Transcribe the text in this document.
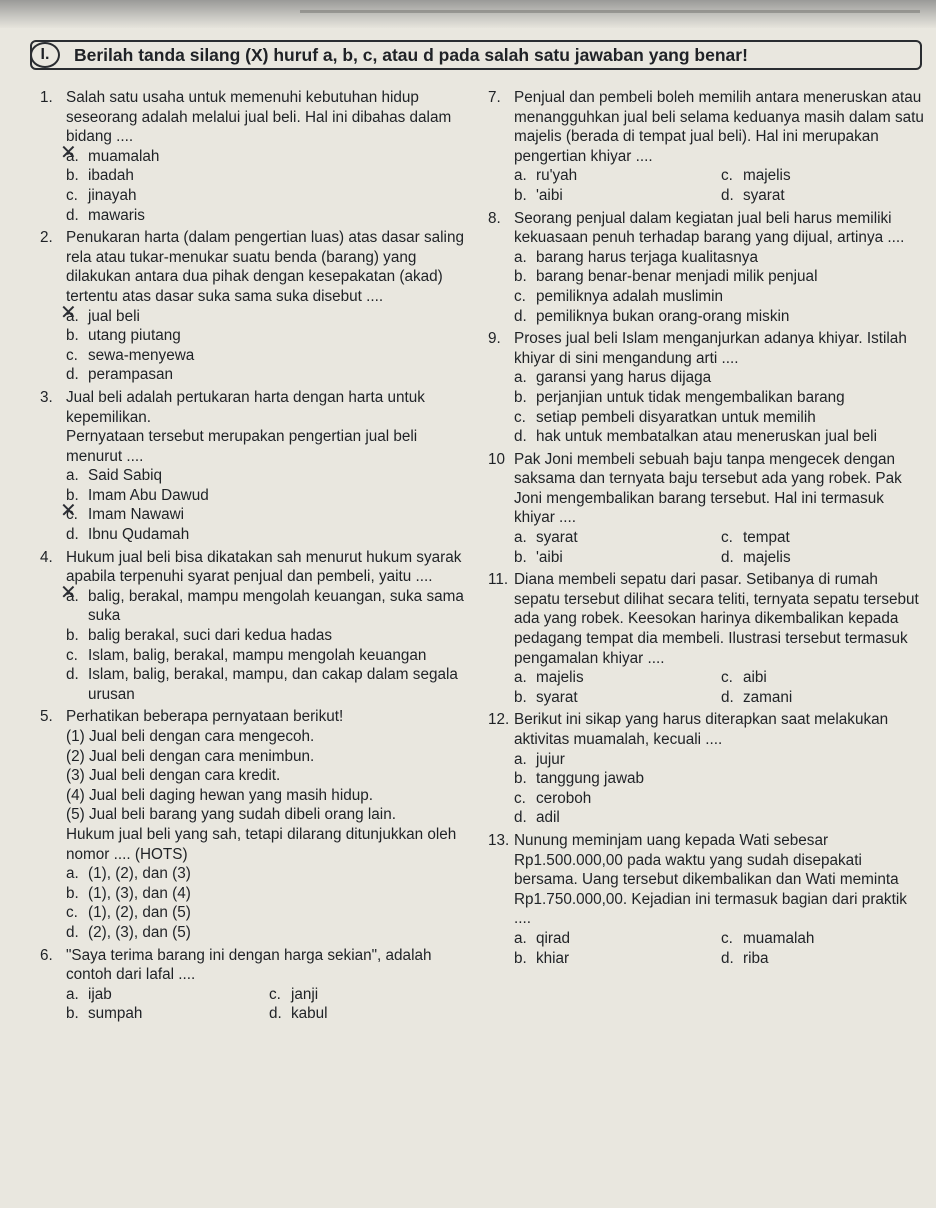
I.	Berilah tanda silang (X) huruf a, b, c, atau d pada salah satu jawaban yang benar!
1. Salah satu usaha untuk memenuhi kebutuhan hidup seseorang adalah melalui jual beli. Hal ini dibahas dalam bidang ....
✕ a. muamalah
b. ibadah
c. jinayah
d. mawaris
2. Penukaran harta (dalam pengertian luas) atas dasar saling rela atau tukar-menukar suatu benda (barang) yang dilakukan antara dua pihak dengan kesepakatan (akad) tertentu atas dasar suka sama suka disebut ....
✕ a. jual beli
b. utang piutang
c. sewa-menyewa
d. perampasan
3. Jual beli adalah pertukaran harta dengan harta untuk kepemilikan.
Pernyataan tersebut merupakan pengertian jual beli menurut ....
a. Said Sabiq
b. Imam Abu Dawud
✕ c. Imam Nawawi
d. Ibnu Qudamah
4. Hukum jual beli bisa dikatakan sah menurut hukum syarak apabila terpenuhi syarat penjual dan pembeli, yaitu ....
✕ a. balig, berakal, mampu mengolah keuangan, suka sama suka
b. balig berakal, suci dari kedua hadas
c. Islam, balig, berakal, mampu mengolah keuangan
d. Islam, balig, berakal, mampu, dan cakap dalam segala urusan
5. Perhatikan beberapa pernyataan berikut!
(1) Jual beli dengan cara mengecoh.
(2) Jual beli dengan cara menimbun.
(3) Jual beli dengan cara kredit.
(4) Jual beli daging hewan yang masih hidup.
(5) Jual beli barang yang sudah dibeli orang lain.
Hukum jual beli yang sah, tetapi dilarang ditunjukkan oleh nomor .... (HOTS)
a. (1), (2), dan (3)
b. (1), (3), dan (4)
c. (1), (2), dan (5)
d. (2), (3), dan (5)
6. "Saya terima barang ini dengan harga sekian", adalah contoh dari lafal ....
a. ijab	c. janji
b. sumpah	d. kabul
7. Penjual dan pembeli boleh memilih antara meneruskan atau menangguhkan jual beli selama keduanya masih dalam satu majelis (berada di tempat jual beli). Hal ini merupakan pengertian khiyar ....
a. ru'yah	c. majelis
b. 'aibi	d. syarat
8. Seorang penjual dalam kegiatan jual beli harus memiliki kekuasaan penuh terhadap barang yang dijual, artinya ....
a. barang harus terjaga kualitasnya
b. barang benar-benar menjadi milik penjual
c. pemiliknya adalah muslimin
d. pemiliknya bukan orang-orang miskin
9. Proses jual beli Islam menganjurkan adanya khiyar. Istilah khiyar di sini mengandung arti ....
a. garansi yang harus dijaga
b. perjanjian untuk tidak mengembalikan barang
c. setiap pembeli disyaratkan untuk memilih
d. hak untuk membatalkan atau meneruskan jual beli
10 Pak Joni membeli sebuah baju tanpa mengecek dengan saksama dan ternyata baju tersebut ada yang robek. Pak Joni mengembalikan barang tersebut. Hal ini termasuk khiyar ....
a. syarat	c. tempat
b. 'aibi	d. majelis
11. Diana membeli sepatu dari pasar. Setibanya di rumah sepatu tersebut dilihat secara teliti, ternyata sepatu tersebut ada yang robek. Keesokan harinya dikembalikan kepada pedagang tempat dia membeli. Ilustrasi tersebut termasuk pengamalan khiyar ....
a. majelis	c. aibi
b. syarat	d. zamani
12. Berikut ini sikap yang harus diterapkan saat melakukan aktivitas muamalah, kecuali ....
a. jujur
b. tanggung jawab
c. ceroboh
d. adil
13. Nunung meminjam uang kepada Wati sebesar Rp1.500.000,00 pada waktu yang sudah disepakati bersama. Uang tersebut dikembalikan dan Wati meminta Rp1.750.000,00. Kejadian ini termasuk bagian dari praktik ....
a. qirad	c. muamalah
b. khiar	d. riba
